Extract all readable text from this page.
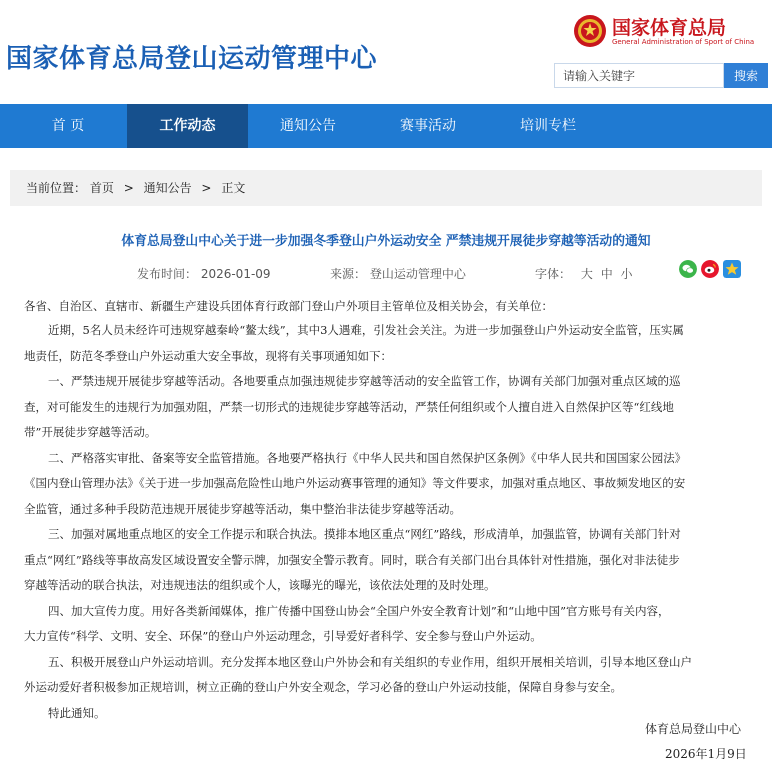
国家体育总局登山运动管理中心
国家体育总局
General Administration of Sport of China
请输入关键字
搜索
首 页	工作动态	通知公告	赛事活动	培训专栏
当前位置： 首页 > 通知公告 > 正文
体育总局登山中心关于进一步加强冬季登山户外运动安全 严禁违规开展徒步穿越等活动的通知
发布时间： 2026-01-09	来源： 登山运动管理中心	字体： 大 中 小
各省、自治区、直辖市、新疆生产建设兵团体育行政部门登山户外项目主管单位及相关协会，有关单位：
近期，5名人员未经许可违规穿越秦岭“鳌太线”，其中3人遇难，引发社会关注。为进一步加强登山户外运动安全监管，压实属
地责任，防范冬季登山户外运动重大安全事故，现将有关事项通知如下：
一、严禁违规开展徒步穿越等活动。各地要重点加强违规徒步穿越等活动的安全监管工作，协调有关部门加强对重点区域的巡
查，对可能发生的违规行为加强劝阻，严禁一切形式的违规徒步穿越等活动，严禁任何组织或个人擅自进入自然保护区等“红线地
带”开展徒步穿越等活动。
二、严格落实审批、备案等安全监管措施。各地要严格执行《中华人民共和国自然保护区条例》《中华人民共和国国家公园法》
《国内登山管理办法》《关于进一步加强高危险性山地户外运动赛事管理的通知》等文件要求，加强对重点地区、事故频发地区的安
全监管，通过多种手段防范违规开展徒步穿越等活动，集中整治非法徒步穿越等活动。
三、加强对属地重点地区的安全工作提示和联合执法。摸排本地区重点“网红”路线，形成清单，加强监管，协调有关部门针对
重点“网红”路线等事故高发区域设置安全警示牌，加强安全警示教育。同时，联合有关部门出台具体针对性措施，强化对非法徒步
穿越等活动的联合执法，对违规违法的组织或个人，该曝光的曝光，该依法处理的及时处理。
四、加大宣传力度。用好各类新闻媒体，推广传播中国登山协会“全国户外安全教育计划”和“山地中国”官方账号有关内容，
大力宣传“科学、文明、安全、环保”的登山户外运动理念，引导爱好者科学、安全参与登山户外运动。
五、积极开展登山户外运动培训。充分发挥本地区登山户外协会和有关组织的专业作用，组织开展相关培训，引导本地区登山户
外运动爱好者积极参加正规培训，树立正确的登山户外安全观念，学习必备的登山户外运动技能，保障自身参与安全。
特此通知。
体育总局登山中心
2026年1月9日
